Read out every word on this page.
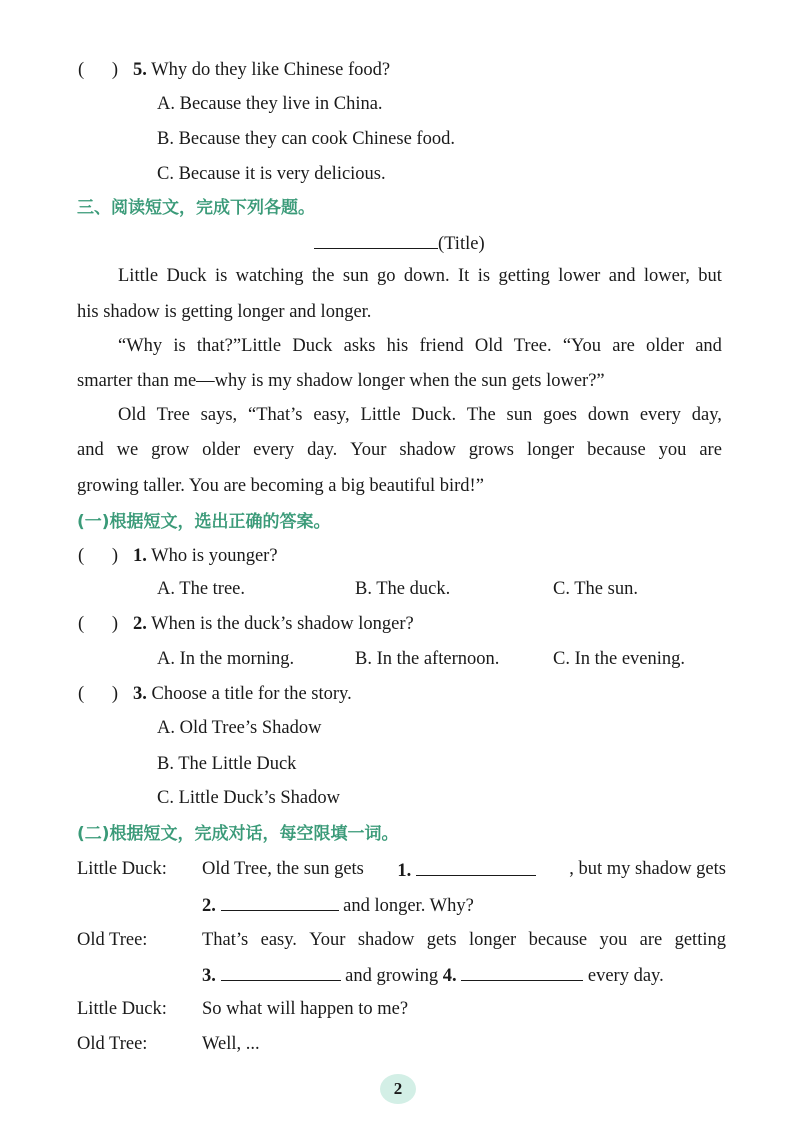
(      ) 5. Why do they like Chinese food?
A. Because they live in China.
B. Because they can cook Chinese food.
C. Because it is very delicious.
三、阅读短文，完成下列各题。
(Title)
Little Duck is watching the sun go down. It is getting lower and lower, but
his shadow is getting longer and longer.
“Why is that?”Little Duck asks his friend Old Tree. “You are older and
smarter than me—why is my shadow longer when the sun gets lower?”
Old Tree says, “That’s easy, Little Duck. The sun goes down every day,
and we grow older every day. Your shadow grows longer because you are
growing taller. You are becoming a big beautiful bird!”
(一)根据短文，选出正确的答案。
(      ) 1. Who is younger?
A. The tree.	B. The duck.	C. The sun.
(      ) 2. When is the duck’s shadow longer?
A. In the morning.	B. In the afternoon.	C. In the evening.
(      ) 3. Choose a title for the story.
A. Old Tree’s Shadow
B. The Little Duck
C. Little Duck’s Shadow
(二)根据短文，完成对话，每空限填一词。
Little Duck: Old Tree, the sun gets 1.	, but my shadow gets
2.	and longer. Why?
Old Tree:	That’s easy. Your shadow gets longer because you are getting
3.	and growing 4.	every day.
Little Duck: So what will happen to me?
Old Tree:	Well, ...
2
